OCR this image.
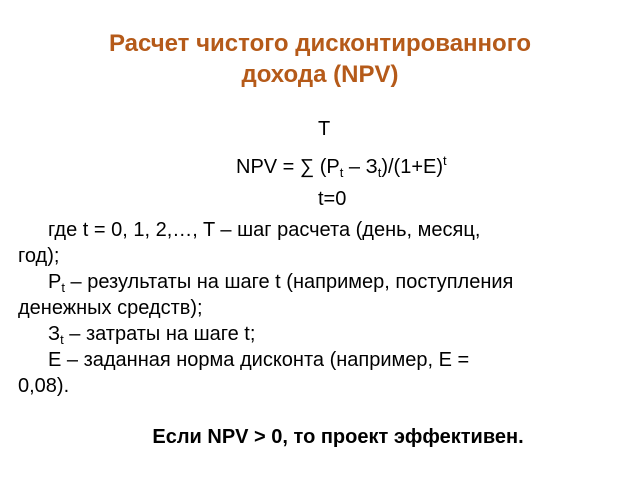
Расчет чистого дисконтированного
дохода (NPV)
T
NPV = ∑ $(P_t - З_t)/(1+E)^t$
t=0
где t = 0, 1, 2,…, T – шаг расчета (день, месяц,
год);
$P_t$ – результаты на шаге t (например, поступления
денежных средств);
$З_t$ – затраты на шаге t;
E – заданная норма дисконта (например, E =
0,08).
Если NPV > 0, то проект эффективен.
